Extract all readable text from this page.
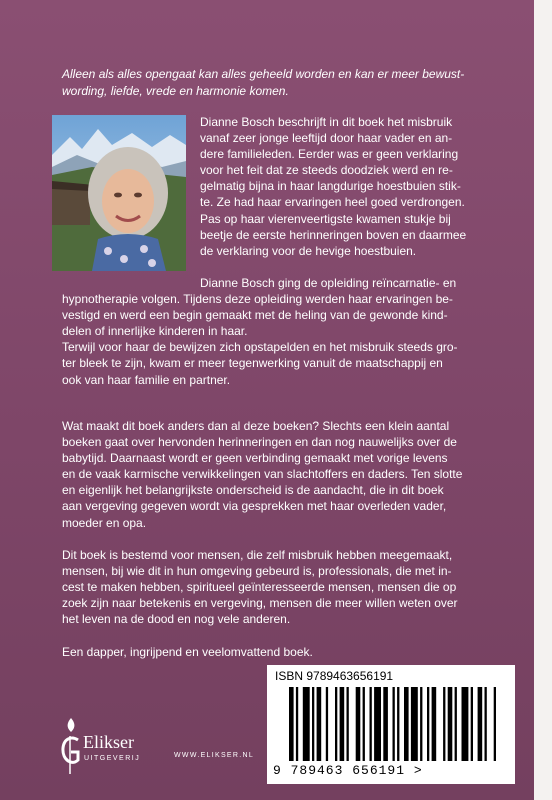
Alleen als alles opengaat kan alles geheeld worden en kan er meer bewust-
wording, liefde, vrede en harmonie komen.
Dianne Bosch beschrijft in dit boek het misbruik
vanaf zeer jonge leeftijd door haar vader en an-
dere familieleden. Eerder was er geen verklaring
voor het feit dat ze steeds doodziek werd en re-
gelmatig bijna in haar langdurige hoestbuien stik-
te. Ze had haar ervaringen heel goed verdrongen.
Pas op haar vierenveertigste kwamen stukje bij
beetje de eerste herinneringen boven en daarmee
de verklaring voor de hevige hoestbuien.
Dianne Bosch ging de opleiding reïncarnatie- en
hypnotherapie volgen. Tijdens deze opleiding werden haar ervaringen be-
vestigd en werd een begin gemaakt met de heling van de gewonde kind-
delen of innerlijke kinderen in haar.
Terwijl voor haar de bewijzen zich opstapelden en het misbruik steeds gro-
ter bleek te zijn, kwam er meer tegenwerking vanuit de maatschappij en
ook van haar familie en partner.
Wat maakt dit boek anders dan al deze boeken? Slechts een klein aantal
boeken gaat over hervonden herinneringen en dan nog nauwelijks over de
babytijd. Daarnaast wordt er geen verbinding gemaakt met vorige levens
en de vaak karmische verwikkelingen van slachtoffers en daders. Ten slotte
en eigenlijk het belangrijkste onderscheid is de aandacht, die in dit boek
aan vergeving gegeven wordt via gesprekken met haar overleden vader,
moeder en opa.
Dit boek is bestemd voor mensen, die zelf misbruik hebben meegemaakt,
mensen, bij wie dit in hun omgeving gebeurd is, professionals, die met in-
cest te maken hebben, spiritueel geïnteresseerde mensen, mensen die op
zoek zijn naar betekenis en vergeving, mensen die meer willen weten over
het leven na de dood en nog vele anderen.
Een dapper, ingrijpend en veelomvattend boek.
Elikser
UITGEVERIJ	WWW.ELIKSER.NL
ISBN 9789463656191
9 789463 656191 >
